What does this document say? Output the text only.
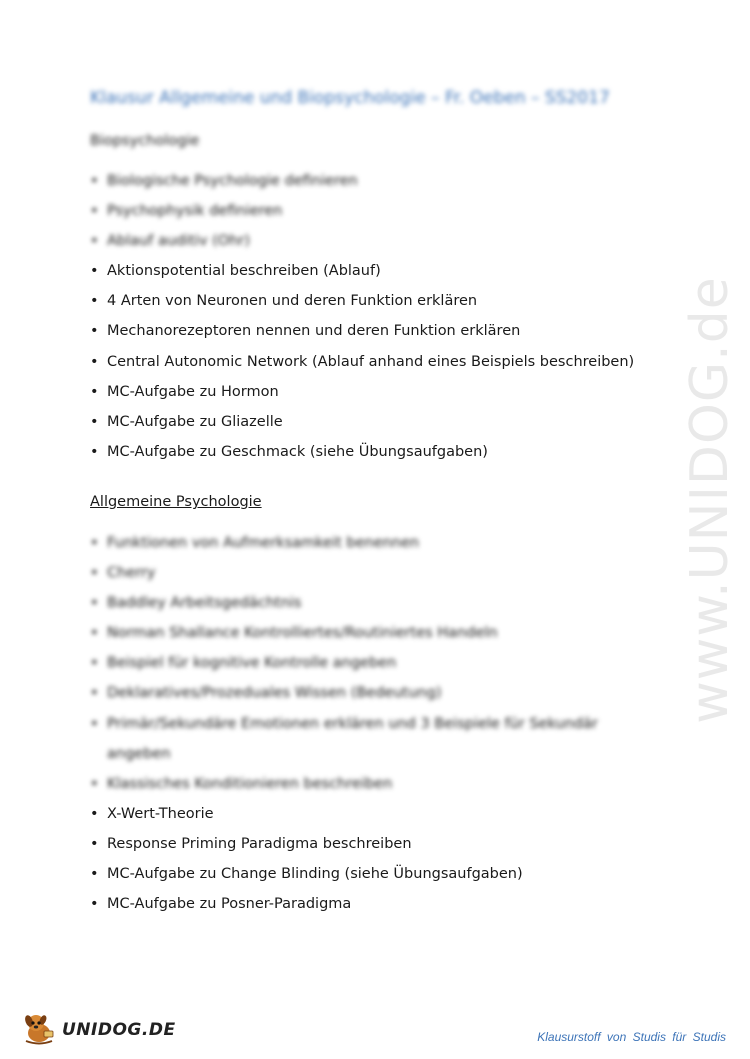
www.UNIDOG.de
Klausur Allgemeine und Biopsychologie – Fr. Oeben – SS2017
Biopsychologie
• Biologische Psychologie definieren
• Psychophysik definieren
• Ablauf auditiv (Ohr)
• Aktionspotential beschreiben (Ablauf)
• 4 Arten von Neuronen und deren Funktion erklären
• Mechanorezeptoren nennen und deren Funktion erklären
• Central Autonomic Network (Ablauf anhand eines Beispiels beschreiben)
• MC-Aufgabe zu Hormon
• MC-Aufgabe zu Gliazelle
• MC-Aufgabe zu Geschmack (siehe Übungsaufgaben)
Allgemeine Psychologie
• Funktionen von Aufmerksamkeit benennen
• Cherry
• Baddley Arbeitsgedächtnis
• Norman Shallance Kontrolliertes/Routiniertes Handeln
• Beispiel für kognitive Kontrolle angeben
• Deklaratives/Prozeduales Wissen (Bedeutung)
• Primär/Sekundäre Emotionen erklären und 3 Beispiele für Sekundär angeben
• Klassisches Konditionieren beschreiben
• X-Wert-Theorie
• Response Priming Paradigma beschreiben
• MC-Aufgabe zu Change Blinding (siehe Übungsaufgaben)
• MC-Aufgabe zu Posner-Paradigma
UNIDOG.DE	Klausurstoff von Studis für Studis
